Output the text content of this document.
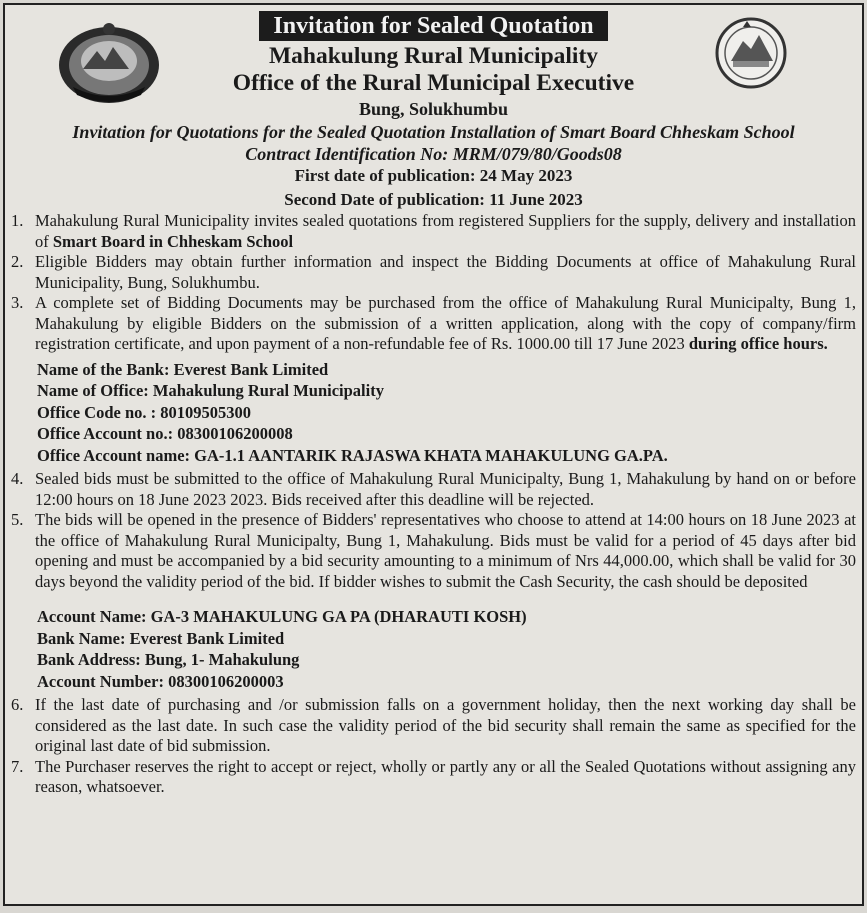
Invitation for Sealed Quotation
Mahakulung Rural Municipality
Office of the Rural Municipal Executive
Bung, Solukhumbu
Invitation for Quotations for the Sealed Quotation Installation of Smart Board Chheskam School
Contract Identification No: MRM/079/80/Goods08
First date of publication: 24 May 2023
Second Date of publication: 11 June 2023
1. Mahakulung Rural Municipality invites sealed quotations from registered Suppliers for the supply, delivery and installation of Smart Board in Chheskam School
2. Eligible Bidders may obtain further information and inspect the Bidding Documents at office of Mahakulung Rural Municipality, Bung, Solukhumbu.
3. A complete set of Bidding Documents may be purchased from the office of Mahakulung Rural Municipalty, Bung 1, Mahakulung by eligible Bidders on the submission of a written application, along with the copy of company/firm registration certificate, and upon payment of a non-refundable fee of Rs. 1000.00 till 17 June 2023 during office hours.
Name of the Bank: Everest Bank Limited
Name of Office: Mahakulung Rural Municipality
Office Code no. : 80109505300
Office Account no.: 08300106200008
Office Account name: GA-1.1 AANTARIK RAJASWA KHATA MAHAKULUNG GA.PA.
4. Sealed bids must be submitted to the office of Mahakulung Rural Municipalty, Bung 1, Mahakulung by hand on or before 12:00 hours on 18 June 2023 2023. Bids received after this deadline will be rejected.
5. The bids will be opened in the presence of Bidders' representatives who choose to attend at 14:00 hours on 18 June 2023 at the office of Mahakulung Rural Municipalty, Bung 1, Mahakulung. Bids must be valid for a period of 45 days after bid opening and must be accompanied by a bid security amounting to a minimum of Nrs 44,000.00, which shall be valid for 30 days beyond the validity period of the bid. If bidder wishes to submit the Cash Security, the cash should be deposited
Account Name: GA-3 MAHAKULUNG GA PA (DHARAUTI KOSH)
Bank Name: Everest Bank Limited
Bank Address: Bung, 1- Mahakulung
Account Number: 08300106200003
6. If the last date of purchasing and /or submission falls on a government holiday, then the next working day shall be considered as the last date. In such case the validity period of the bid security shall remain the same as specified for the original last date of bid submission.
7. The Purchaser reserves the right to accept or reject, wholly or partly any or all the Sealed Quotations without assigning any reason, whatsoever.
